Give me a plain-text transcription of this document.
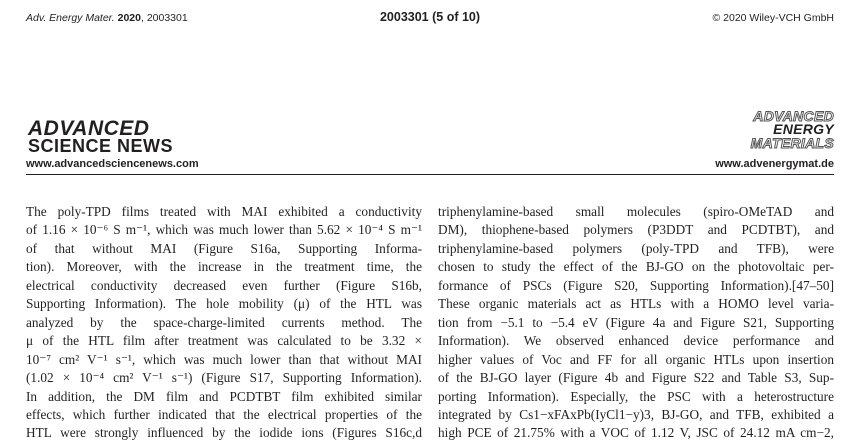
Adv. Energy Mater. 2020, 2003301	2003301 (5 of 10)	© 2020 Wiley-VCH GmbH
ADVANCED
SCIENCE NEWS
ADVANCED
ENERGY
MATERIALS
www.advancedsciencenews.com	www.advenergymat.de

The poly-TPD films treated with MAI exhibited a conductivity
of 1.16 × 10⁻⁶ S m⁻¹, which was much lower than 5.62 × 10⁻⁴ S m⁻¹
of that without MAI (Figure S16a, Supporting Informa-
tion). Moreover, with the increase in the treatment time, the
electrical conductivity decreased even further (Figure S16b,
Supporting Information). The hole mobility (μ) of the HTL was
analyzed by the space-charge-limited currents method. The
μ of the HTL film after treatment was calculated to be 3.32 ×
10⁻⁷ cm² V⁻¹ s⁻¹, which was much lower than that without MAI
(1.02 × 10⁻⁴ cm² V⁻¹ s⁻¹) (Figure S17, Supporting Information).
In addition, the DM film and PCDTBT film exhibited similar
effects, which further indicated that the electrical properties of the
HTL were strongly influenced by the iodide ions (Figures S16c,d

triphenylamine-based small molecules (spiro-OMeTAD and
DM), thiophene-based polymers (P3DDT and PCDTBT), and
triphenylamine-based polymers (poly-TPD and TFB), were
chosen to study the effect of the BJ-GO on the photovoltaic per-
formance of PSCs (Figure S20, Supporting Information).[47–50]
These organic materials act as HTLs with a HOMO level varia-
tion from −5.1 to −5.4 eV (Figure 4a and Figure S21, Supporting
Information). We observed enhanced device performance and
higher values of Voc and FF for all organic HTLs upon insertion
of the BJ-GO layer (Figure 4b and Figure S22 and Table S3, Sup-
porting Information). Especially, the PSC with a heterostructure
integrated by Cs1−xFAxPb(IyCl1−y)3, BJ-GO, and TFB, exhibited a
high PCE of 21.75% with a VOC of 1.12 V, JSC of 24.12 mA cm−2,
